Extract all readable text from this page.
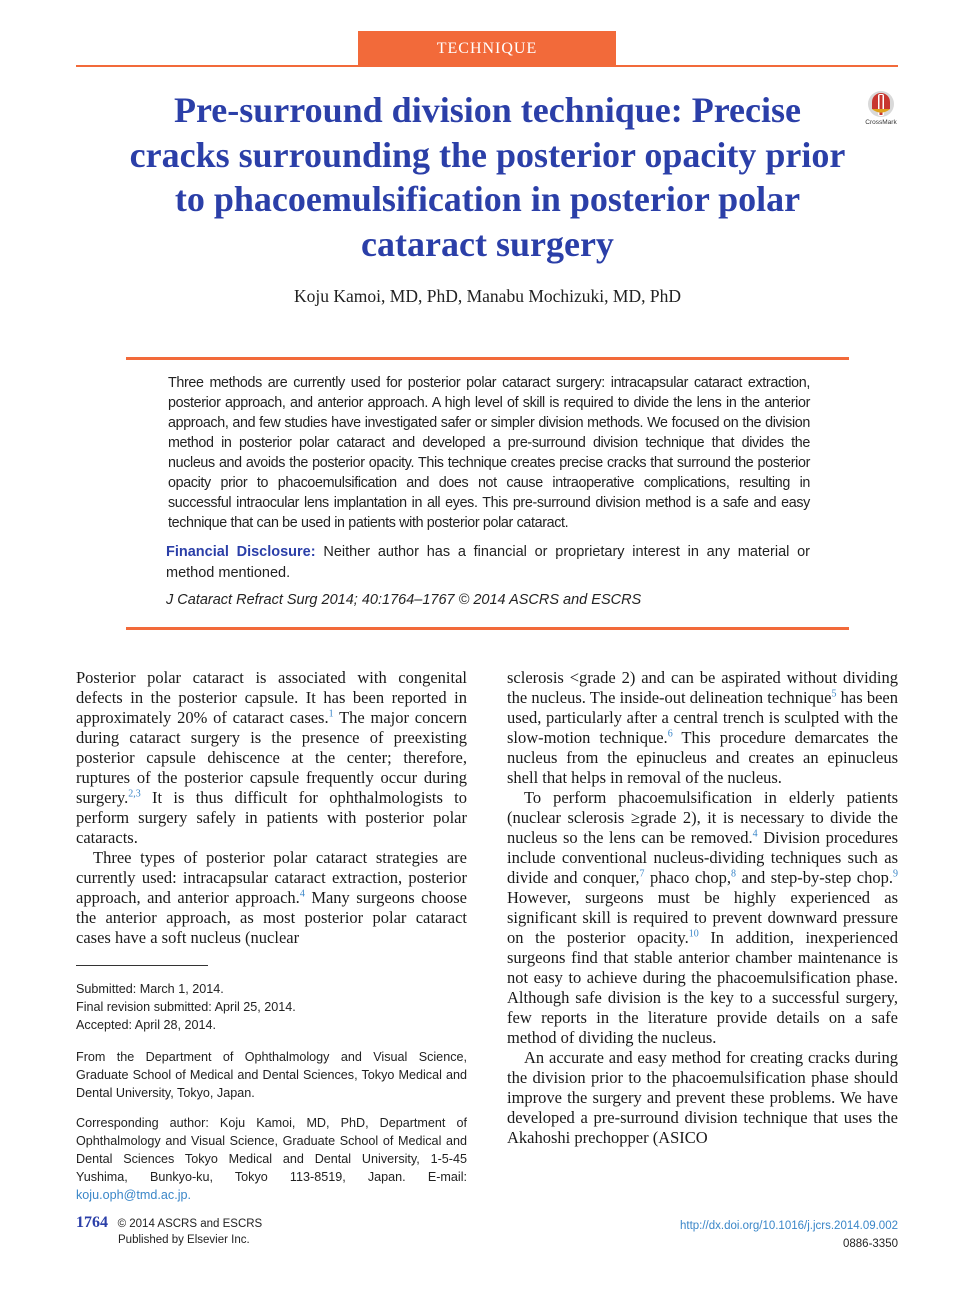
TECHNIQUE
Pre-surround division technique: Precise cracks surrounding the posterior opacity prior to phacoemulsification in posterior polar cataract surgery
CrossMark
Koju Kamoi, MD, PhD, Manabu Mochizuki, MD, PhD
Three methods are currently used for posterior polar cataract surgery: intracapsular cataract extraction, posterior approach, and anterior approach. A high level of skill is required to divide the lens in the anterior approach, and few studies have investigated safer or simpler division methods. We focused on the division method in posterior polar cataract and developed a pre-surround division technique that divides the nucleus and avoids the posterior opacity. This technique creates precise cracks that surround the posterior opacity prior to phacoemulsification and does not cause intraoperative complications, resulting in successful intraocular lens implantation in all eyes. This pre-surround division method is a safe and easy technique that can be used in patients with posterior polar cataract.
Financial Disclosure: Neither author has a financial or proprietary interest in any material or method mentioned.
J Cataract Refract Surg 2014; 40:1764–1767 © 2014 ASCRS and ESCRS

Posterior polar cataract is associated with congenital defects in the posterior capsule. It has been reported in approximately 20% of cataract cases.$^1$ The major concern during cataract surgery is the presence of preexisting posterior capsule dehiscence at the center; therefore, ruptures of the posterior capsule frequently occur during surgery.$^{2,3}$ It is thus difficult for ophthalmologists to perform surgery safely in patients with posterior polar cataracts.

Three types of posterior polar cataract strategies are currently used: intracapsular cataract extraction, posterior approach, and anterior approach.$^4$ Many surgeons choose the anterior approach, as most posterior polar cataract cases have a soft nucleus (nuclear

Submitted: March 1, 2014.

Final revision submitted: April 25, 2014.

Accepted: April 28, 2014.

From the Department of Ophthalmology and Visual Science, Graduate School of Medical and Dental Sciences, Tokyo Medical and Dental University, Tokyo, Japan.
Corresponding author: Koju Kamoi, MD, PhD, Department of Ophthalmology and Visual Science, Graduate School of Medical and Dental Sciences Tokyo Medical and Dental University, 1-5-45 Yushima, Bunkyo-ku, Tokyo 113-8519, Japan. E-mail: koju.oph@tmd.ac.jp.

sclerosis <grade 2) and can be aspirated without dividing the nucleus. The inside-out delineation technique$^5$ has been used, particularly after a central trench is sculpted with the slow-motion technique.$^6$ This procedure demarcates the nucleus from the epinucleus and creates an epinucleus shell that helps in removal of the nucleus.

To perform phacoemulsification in elderly patients (nuclear sclerosis ≥grade 2), it is necessary to divide the nucleus so the lens can be removed.$^4$ Division procedures include conventional nucleus-dividing techniques such as divide and conquer,$^7$ phaco chop,$^8$ and step-by-step chop.$^9$ However, surgeons must be highly experienced as significant skill is required to prevent downward pressure on the posterior opacity.$^{10}$ In addition, inexperienced surgeons find that stable anterior chamber maintenance is not easy to achieve during the phacoemulsification phase. Although safe division is the key to a successful surgery, few reports in the literature provide details on a safe method of dividing the nucleus.

An accurate and easy method for creating cracks during the division prior to the phacoemulsification phase should improve the surgery and prevent these problems. We have developed a pre-surround division technique that uses the Akahoshi prechopper (ASICO

1764 © 2014 ASCRS and ESCRS
Published by Elsevier Inc.
http://dx.doi.org/10.1016/j.jcrs.2014.09.002
0886-3350
